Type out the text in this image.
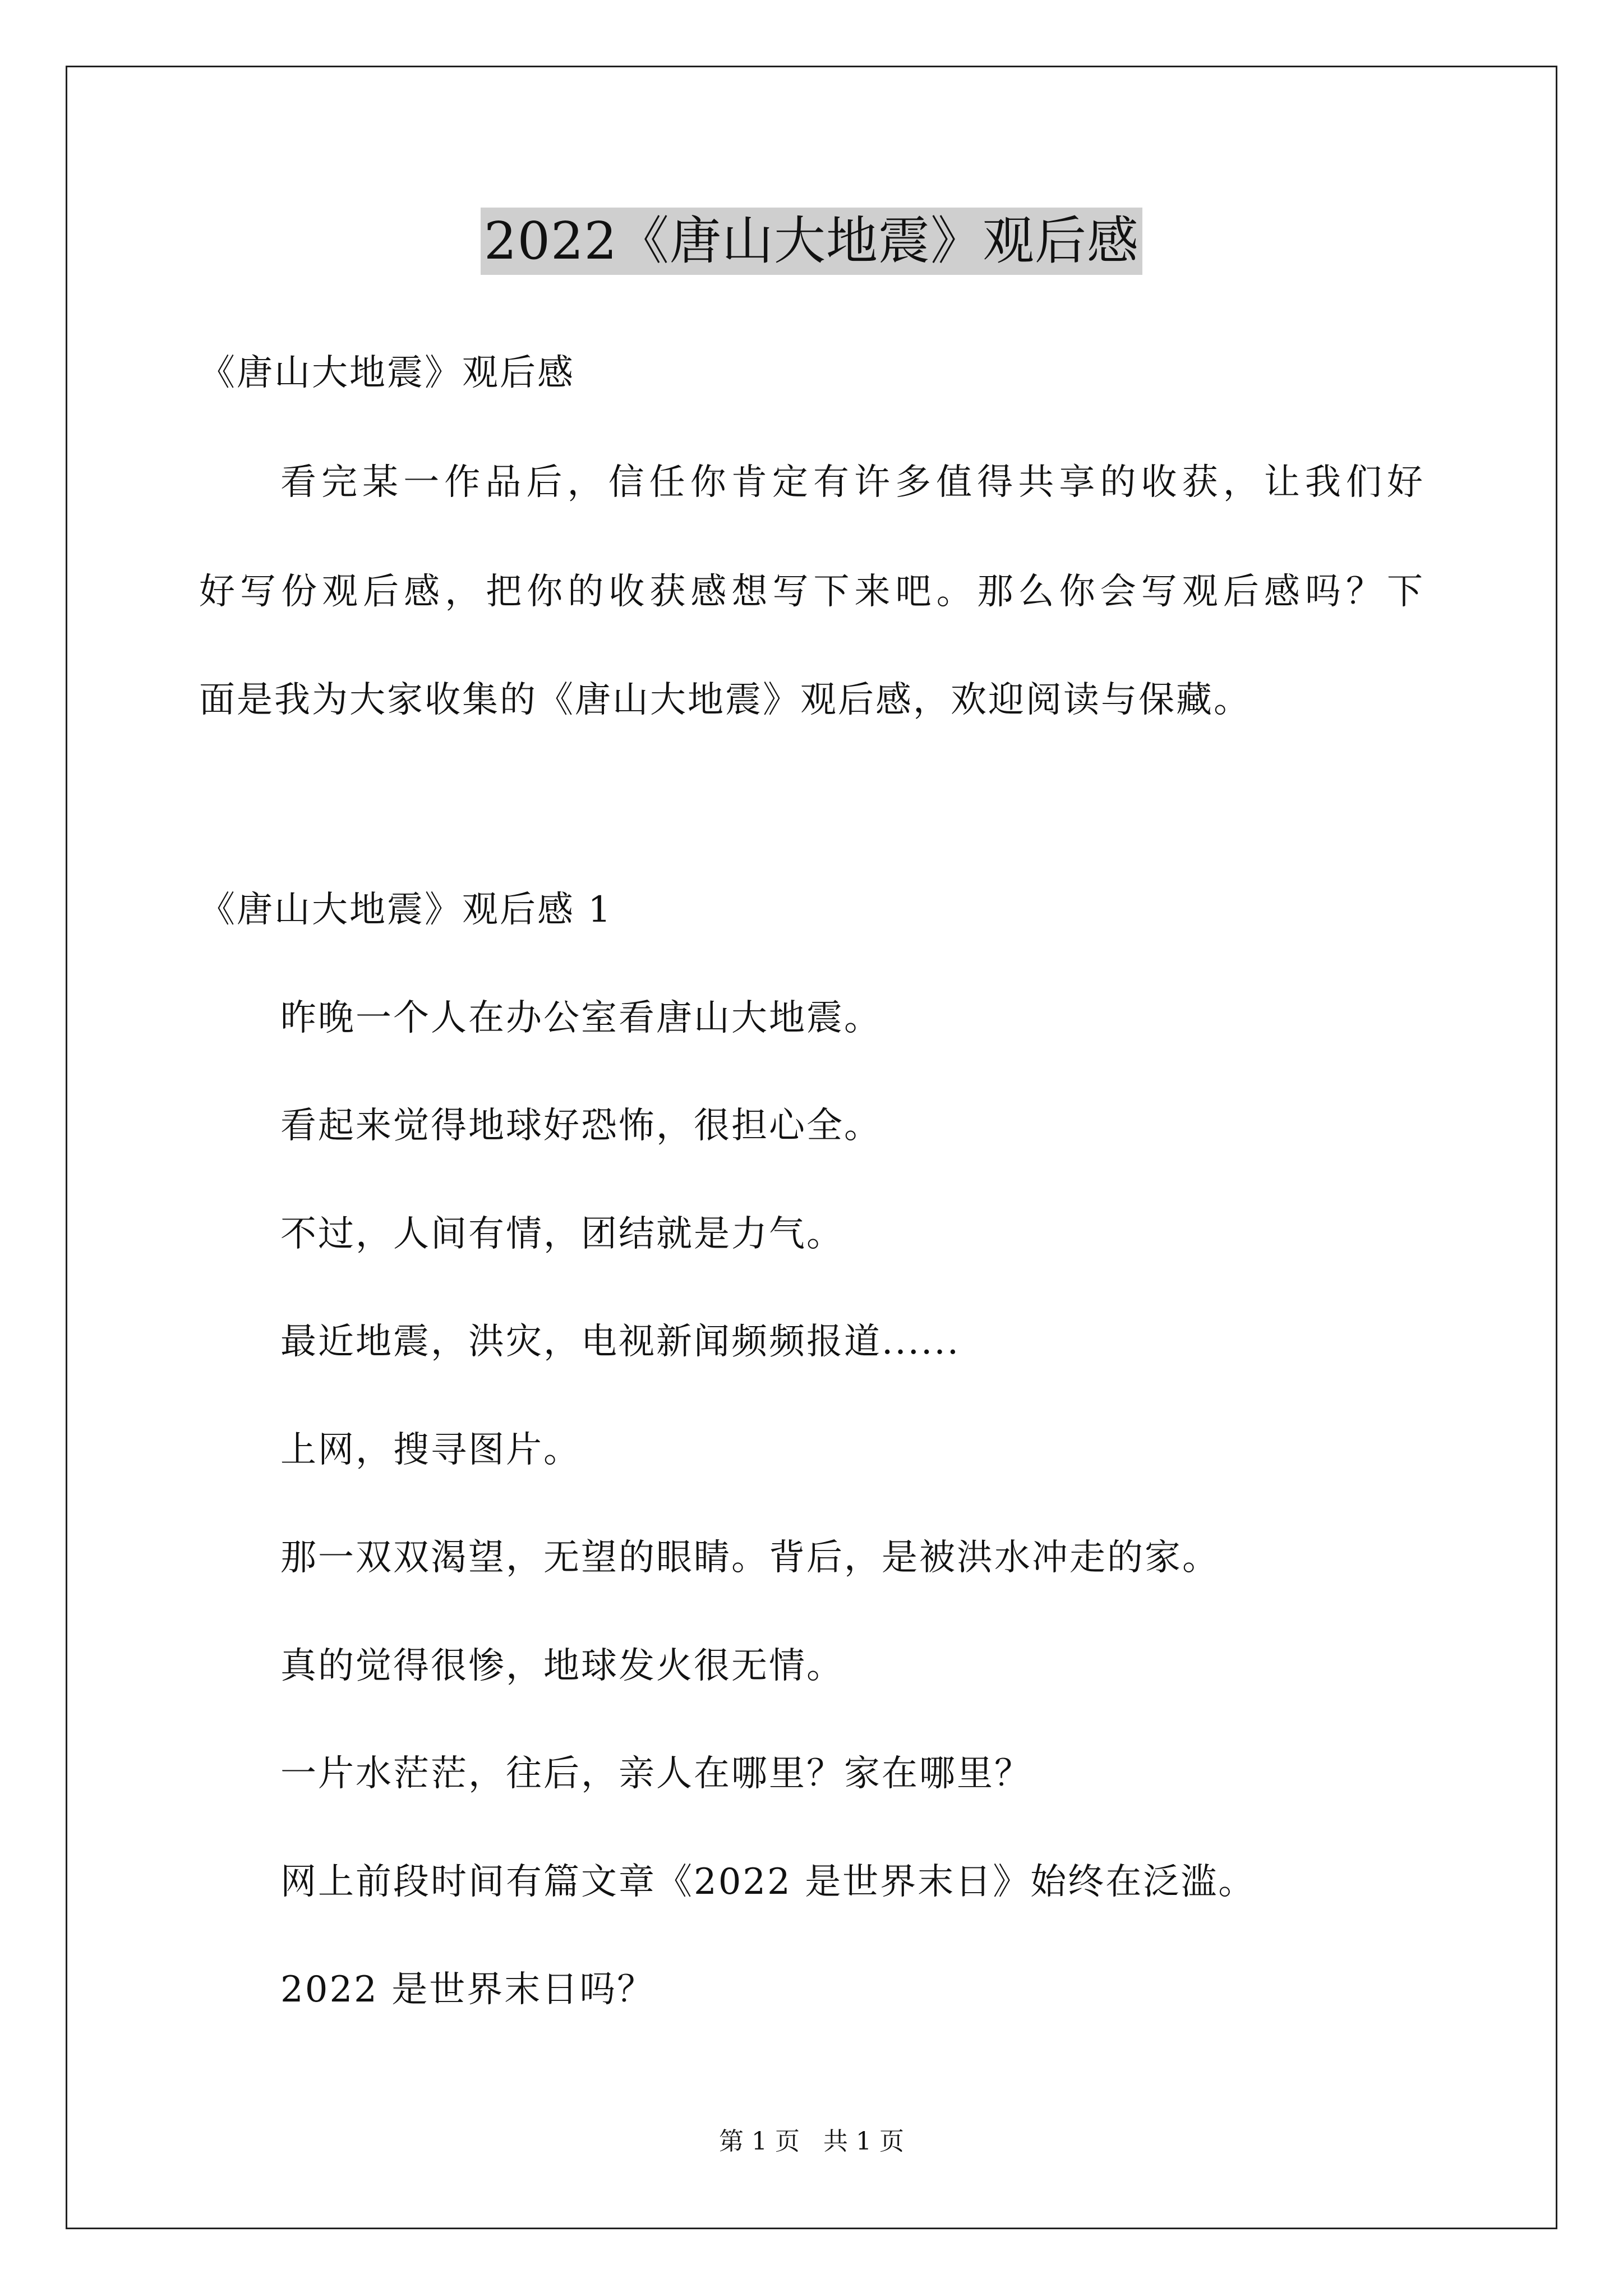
2022《唐山大地震》观后感
《唐山大地震》观后感
看完某一作品后，信任你肯定有许多值得共享的收获，让我们好
好写份观后感，把你的收获感想写下来吧。那么你会写观后感吗？下
面是我为大家收集的《唐山大地震》观后感，欢迎阅读与保藏。
《唐山大地震》观后感 1
昨晚一个人在办公室看唐山大地震。
看起来觉得地球好恐怖，很担心全。
不过，人间有情，团结就是力气。
最近地震，洪灾，电视新闻频频报道......
上网，搜寻图片。
那一双双渴望，无望的眼睛。背后，是被洪水冲走的家。
真的觉得很惨，地球发火很无情。
一片水茫茫，往后，亲人在哪里？家在哪里？
网上前段时间有篇文章《2022 是世界末日》始终在泛滥。
2022 是世界末日吗？
第 1 页   共 1 页
